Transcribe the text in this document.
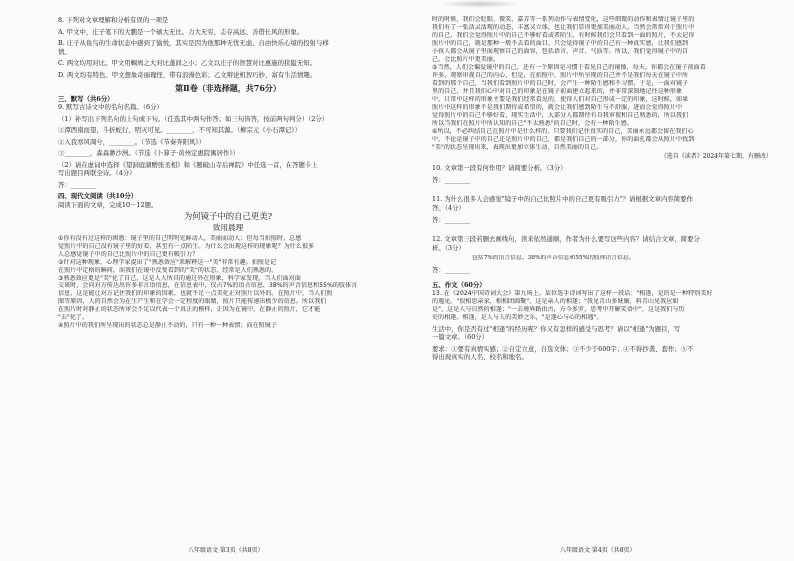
8. 下列对文章理解和分析有误的一项是
A. 甲文中，庄子笔下的大鹏是一个硕大无比、力大无穷、志存高远、善借长风的形象。
B. 庄子从鱼鸟的生命状态中感到了愉悦，其实是因为他那种无忧无虑、自由快乐心境的投射与移
情。
C. 两文均用对比。甲文用蜩鸠之大对比蓬间之小；乙文以庄子的智慧对比惠施的狭隘无知。
D. 两文均有特色。甲文想象奇丽瑰怪，带有浪漫色彩；乙文辩论机智巧妙，富有生活情趣。
第Ⅱ卷（非选择题，共76分）
三、默写（共6分）
9. 默写古诗文中的名句名篇。（6分）
（1）补写出下列名句的上句或下句。（任选其中两句作答；如三句皆答，按前两句判分）（2分）
①潭西南而望，斗折蛇行，明灭可见。________，不可知其源。（柳宗元《小石潭记》）
②入我寒风凋兮，________。（节选《节奏奔阳风》）
③________，森森渺沙洲。（节选《卜算子·黄州定惠院寓居作》）
（2）请在虚词中选择《望洞庭湖赠张丞相》和《题破山寺后禅院》中任选一首，在答题卡上
写出题目两联全诗。（4分）
答：________
四、现代文阅读（共10分）
阅读下面的文章，完成10－12题。
为何镜子中的自己更美?
致用晨理
①你有没有过这样的困惑：镜子里的自己明明光鲜动人，美丽而动人；但每当拍照时，总感
觉照片中的自己没有镜子里的好看，甚至有一点陌生。为什么会出现这样的现象呢？为什么很多
人总感觉镜子中的自己比照片中的自己更有吸引力？
②针对这种现象，心理学家提出了"熟悉效应"来解释这一"美"非常有趣。拍照是记
在照片中定格的瞬间，而我们在镜中反复看到的"美"的状态，经常是人们熟悉的。
③熟悉效应更是"美"化了自己，这是人人所具的通过外在形象，科学家发现，当人们面对面
交谈时，会向对方传达出许多非言语信息，在信息表中，仅占7%的语言信息，38%的声音信息和55%的肢体言
信息，这是能让对方记住我们的印象的因素，也就不足一点美化正对照片以外的。在照片中，当人们照
图等原因，人的自然会为在生产生和在学会一定程度的眼睛，照片只能传递出极少的信息。所以我们
在照片时对静止的状态所审会不足以代表一个真正的模样，正因为在镜中，在静止的照片，它才能
"去"化了。
④照片中的我们所呈现出的状态总是静止不动的，只有一种一种表情；而在照镜子
八年级语文 第3页（共8页）
时的时候，我们会眨眼、微笑、嘉弄等一系列动作与表情变化，这些细微的动作和表情让镜子里的
我们有了一张活灵活现的动态，丰富又立体，也让我们显得更加美丽动人，当然会常常对于照片中
的自己，我们会觉得照片中的自己不够好看或者陌生。有时候我们会只看到一面的照片，不太记得
照片中的自己，就是那种一般不去看的面目。只会觉得镜子中的自己有一种真实感，让我们感到
小孩人都会从镜子里面观察自己的面容，包括语言、声音、气质等。所以，我们觉得镜子中的自
己，会比照片中更美丽。
⑤当然，人们会偏爱镜中的自己，还有一个原因是习惯于看见自己的镜像，每天，你都会在镜子前面看
许多，观察审视自己的内心，但是，在拍照中，照片中所呈现的自己并不是我们每天在镜子中所
看到的那个自己，当我们看到照片中的自己时，会产生一种陌生感和不习惯，于是，一面对镜子
里的自己，并且我们心中对自己的印象是在镜子前面建立起来的，并非常深刻地记住这种形象
中，日常中这样的形象主要是我们经常看见的，使得人们对自己形成一定的印象，这时候，如果
照片中这样的形象不是我们期待或希望的，就会让我们感到陌生与不舒服，进而会觉得照片中
觉得照片中的自己不够好看，现实生活中，大部分人都期待有自我审视和自己熟悉的，所以我们
所以当我们在照片中所认知的自己"不太熟悉"的自己时，会有一种陌生感。
⑥所以，不必纠结自己在照片中是什么样的，只要我们记住真实的自己，美丽永远都会留在我们心
中，不论是镜子中的自己还是照片中的自己，都是我们自己的一部分，你的面孔都会从照片中找到
"美"的状态呈现出来，表现出更加立体生动、自然美丽的自己。
（选自《读者》2024年第七期，有删改）
10. 文章第一段有何作用？请简要分析。（3分）
答：________
11. 为什么很多人会感觉"镜子中的自己比照片中的自己更有吸引力"？请根据文章内容简要作
答。（4分）
答：________
12. 文章第三段若删去画线句，读来依然通顺，作者为什么要写这些内容？请结合文章，简要分
析。（3分）
包括7%的语言信息、38%的声音信息和55%的肢体语言信息。
答：________
五、作文（60分）
13. 在《2024中国诗词大会》第九场上，某位选手诗词写出了这样一段话："相逢，是的是一种特别美好
的遇见。"很相思亲家，相相团圆聚"，这是亲人的相逢；"我见青山多妩媚，料青山见我应如
是"，这是人与自然的相逢；"一去境界路由古，方今多罗，思考中开解笑语中"，这是我们与历
史的相逢。相逢，是人与人的美妙之乐，"是逢心与心的相遇"。
生活中，你是否有过"相逢"的经历呢？你又有怎样的感受与思考？请以"相逢"为题目，写
一篇文章。（60分）
要求：①要有真情实感；②自定立意，自选文体；③不少于600字；④不得抄袭、套作；⑤不
得出现真实的人名、校名和地名。
八年级语文 第4页（共8页）
